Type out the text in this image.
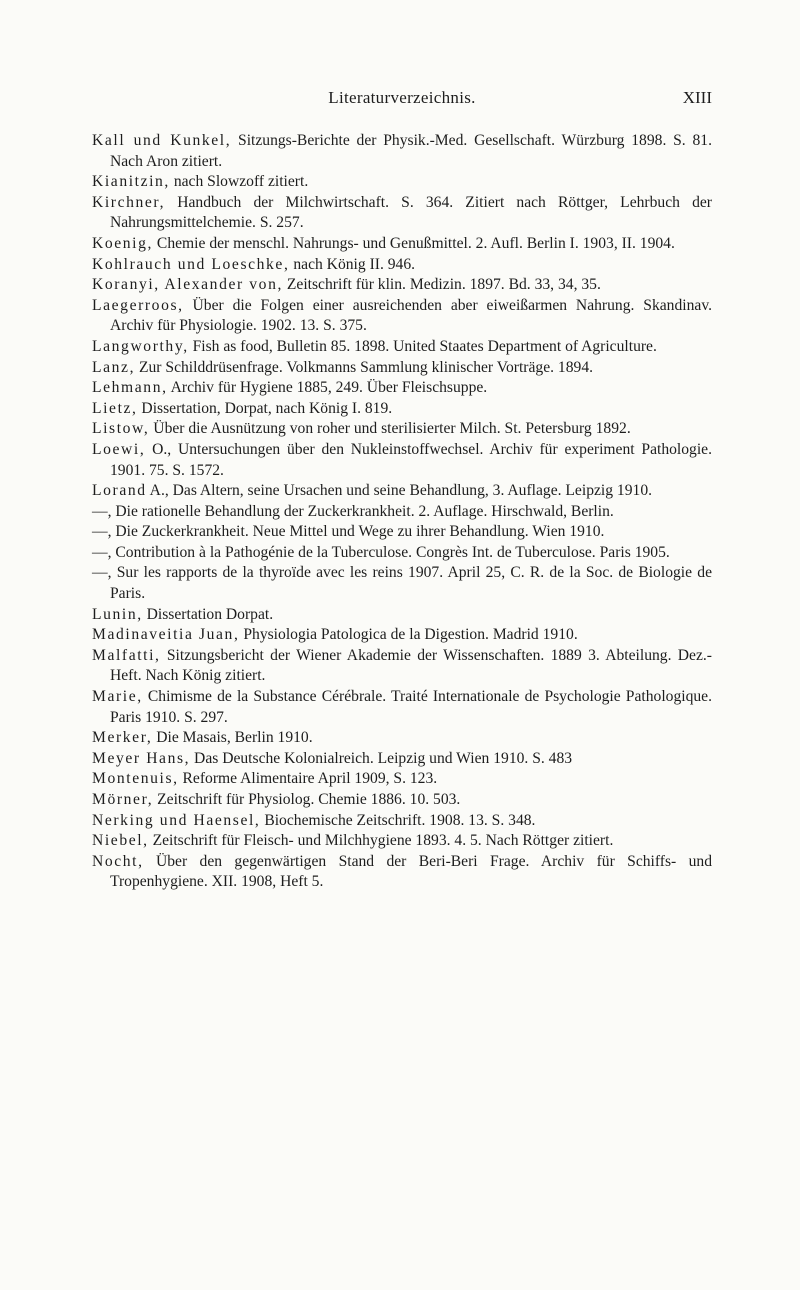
Literaturverzeichnis.	XIII

Kall und Kunkel, Sitzungs-Berichte der Physik.-Med. Gesellschaft. Würzburg 1898. S. 81. Nach Aron zitiert.

Kianitzin, nach Slowzoff zitiert.

Kirchner, Handbuch der Milchwirtschaft. S. 364. Zitiert nach Röttger, Lehrbuch der Nahrungsmittelchemie. S. 257.

Koenig, Chemie der menschl. Nahrungs- und Genußmittel. 2. Aufl. Berlin I. 1903, II. 1904.

Kohlrauch und Loeschke, nach König II. 946.

Koranyi, Alexander von, Zeitschrift für klin. Medizin. 1897. Bd. 33, 34, 35.

Laegerroos, Über die Folgen einer ausreichenden aber eiweißarmen Nahrung. Skandinav. Archiv für Physiologie. 1902. 13. S. 375.

Langworthy, Fish as food, Bulletin 85. 1898. United Staates Department of Agriculture.

Lanz, Zur Schilddrüsenfrage. Volkmanns Sammlung klinischer Vorträge. 1894.

Lehmann, Archiv für Hygiene 1885, 249. Über Fleischsuppe.

Lietz, Dissertation, Dorpat, nach König I. 819.

Listow, Über die Ausnützung von roher und sterilisierter Milch. St. Petersburg 1892.

Loewi, O., Untersuchungen über den Nukleinstoffwechsel. Archiv für experiment Pathologie. 1901. 75. S. 1572.

Lorand A., Das Altern, seine Ursachen und seine Behandlung, 3. Auflage. Leipzig 1910.

—, Die rationelle Behandlung der Zuckerkrankheit. 2. Auflage. Hirschwald, Berlin.

—, Die Zuckerkrankheit. Neue Mittel und Wege zu ihrer Behandlung. Wien 1910.

—, Contribution à la Pathogénie de la Tuberculose. Congrès Int. de Tuberculose. Paris 1905.

—, Sur les rapports de la thyroïde avec les reins 1907. April 25, C. R. de la Soc. de Biologie de Paris.

Lunin, Dissertation Dorpat.

Madinaveitia Juan, Physiologia Patologica de la Digestion. Madrid 1910.

Malfatti, Sitzungsbericht der Wiener Akademie der Wissenschaften. 1889 3. Abteilung. Dez.-Heft. Nach König zitiert.

Marie, Chimisme de la Substance Cérébrale. Traité Internationale de Psychologie Pathologique. Paris 1910. S. 297.

Merker, Die Masais, Berlin 1910.

Meyer Hans, Das Deutsche Kolonialreich. Leipzig und Wien 1910. S. 483

Montenuis, Reforme Alimentaire April 1909, S. 123.

Mörner, Zeitschrift für Physiolog. Chemie 1886. 10. 503.

Nerking und Haensel, Biochemische Zeitschrift. 1908. 13. S. 348.

Niebel, Zeitschrift für Fleisch- und Milchhygiene 1893. 4. 5. Nach Röttger zitiert.

Nocht, Über den gegenwärtigen Stand der Beri-Beri Frage. Archiv für Schiffs- und Tropenhygiene. XII. 1908, Heft 5.
